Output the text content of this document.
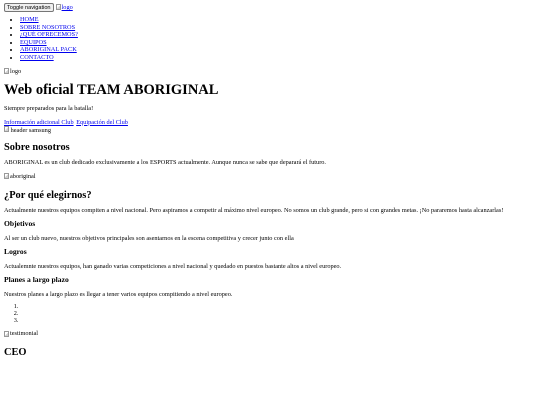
Toggle navigation	logo
• HOME
• SOBRE NOSOTROS
• ¿QUÉ OFRECEMOS?
• EQUIPOS
• ABORIGINAL PACK
• CONTACTO
logo
Web oficial TEAM ABORIGINAL

Siempre preparados para la batalla!

Información adicional Club Equipación del Club
header samsung
Sobre nosotros

ABORIGINAL es un club dedicado exclusivamente a los ESPORTS actualmente. Aunque nunca se sabe que deparará el futuro.

aboriginal
¿Por qué elegirnos?

Actualmente nuestros equipos compiten a nivel nacional. Pero aspiramos a competir al máximo nivel europeo. No somos un club grande, pero si con grandes metas. ¡No pararemos hasta alcanzarlas!

Objetivos

Al ser un club nuevo, nuestros objetivos principales son asentarnos en la escena competitiva y crecer junto con ella

Logros

Actualemnte nuestros equipos, han ganado varias competiciones a nivel nacional y quedado en puestos bastante altos a nivel europeo.

Planes a largo plazo

Nuestros planes a largo plazo es llegar a tener varios equipos compitiendo a nivel europeo.

1.
2.
3.
testimonial
CEO
